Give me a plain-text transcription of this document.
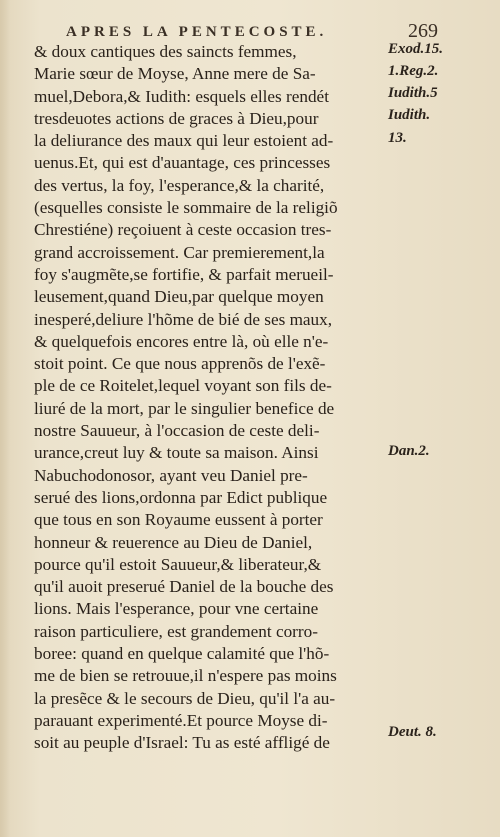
APRES LA PENTECOSTE.	269
& doux cantiques des saincts femmes,
Marie sœur de Moyse, Anne mere de Sa-
muel,Debora,& Iudith: esquels elles rendét
tresdeuotes actions de graces à Dieu,pour
la deliurance des maux qui leur estoient ad-
uenus.Et, qui est d'auantage, ces princesses
des vertus, la foy, l'esperance,& la charité,
(esquelles consiste le sommaire de la religiõ
Chrestiéne) reçoiuent à ceste occasion tres-
grand accroissement. Car premierement,la
foy s'augmẽte,se fortifie, & parfait merueil-
leusement,quand Dieu,par quelque moyen
inesperé,deliure l'hõme de bié de ses maux,
& quelquefois encores entre là, où elle n'e-
stoit point. Ce que nous apprenõs de l'exẽ-
ple de ce Roitelet,lequel voyant son fils de-
liuré de la mort, par le singulier benefice de
nostre Sauueur, à l'occasion de ceste deli-
urance,creut luy & toute sa maison. Ainsi
Nabuchodonosor, ayant veu Daniel pre-
serué des lions,ordonna par Edict publique
que tous en son Royaume eussent à porter
honneur & reuerence au Dieu de Daniel,
pource qu'il estoit Sauueur,& liberateur,&
qu'il auoit preserué Daniel de la bouche des
lions. Mais l'esperance, pour vne certaine
raison particuliere, est grandement corro-
boree: quand en quelque calamité que l'hõ-
me de bien se retrouue,il n'espere pas moins
la presẽce & le secours de Dieu, qu'il l'a au-
parauant experimenté.Et pource Moyse di-
soit au peuple d'Israel: Tu as esté affligé de
Exod.15.
1.Reg.2.
Iudith.5
Iudith.
13.
Dan.2.
Deut. 8.
